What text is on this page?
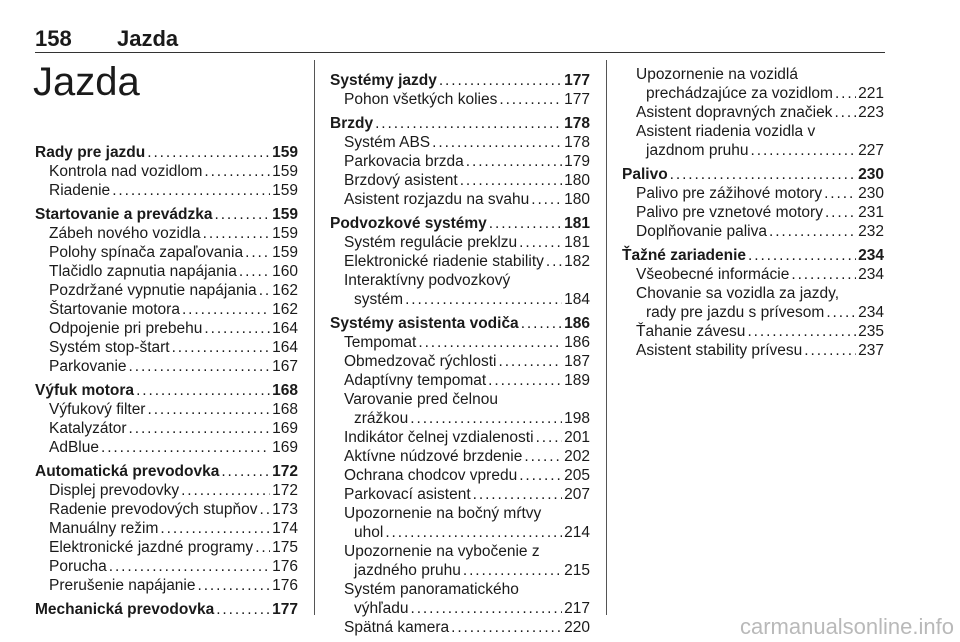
158 Jazda
Jazda
Rady pre jazdu . . .	159
Kontrola nad vozidlom . . .	159
Riadenie . . .	159
Startovanie a prevádzka . . .	159
Zábeh nového vozidla . . .	159
Polohy spínača zapaľovania . . . 159
Tlačidlo zapnutia napájania . . . 160
Pozdržané vypnutie napájania . . . 162
Štartovanie motora . . .	162
Odpojenie pri prebehu . . .	164
Systém stop-štart . . .	164
Parkovanie . . .	167
Výfuk motora . . .	168
Výfukový filter . . .	168
Katalyzátor . . .	169
AdBlue . . .	169
Automatická prevodovka . . .	172
Displej prevodovky . . .	172
Radenie prevodových stupňov . . . 173
Manuálny režim . . .	174
Elektronické jazdné programy . . . 175
Porucha . . .	176
Prerušenie napájanie . . .	176
Mechanická prevodovka . . .	177
Systémy jazdy . . .	177
Pohon všetkých kolies . . .	177
Brzdy . . .	178
Systém ABS . . .	178
Parkovacia brzda . . .	179
Brzdový asistent . . .	180
Asistent rozjazdu na svahu . . . 180
Podvozkové systémy . . .	181
Systém regulácie preklzu . . .	181
Elektronické riadenie stability . . . 182
Interaktívny podvozkový
systém . . .	184
Systémy asistenta vodiča . . .	186
Tempomat . . .	186
Obmedzovač rýchlosti . . .	187
Adaptívny tempomat . . .	189
Varovanie pred čelnou
zrážkou . . .	198
Indikátor čelnej vzdialenosti . . . 201
Aktívne núdzové brzdenie . . .	202
Ochrana chodcov vpredu . . .	205
Parkovací asistent . . .	207
Upozornenie na bočný mŕtvy
uhol . . .	214
Upozornenie na vybočenie z
jazdného pruhu . . .	215
Systém panoramatického
výhľadu . . .	217
Spätná kamera . . .	220
Upozornenie na vozidlá
prechádzajúce za vozidlom . . . 221
Asistent dopravných značiek . . . 223
Asistent riadenia vozidla v
jazdnom pruhu . . .	227
Palivo . . .	230
Palivo pre zážihové motory . . . 230
Palivo pre vznetové motory . . . 231
Doplňovanie paliva . . .	232
Ťažné zariadenie . . .	234
Všeobecné informácie . . .	234
Chovanie sa vozidla za jazdy,
rady pre jazdu s prívesom . . . 234
Ťahanie závesu . . .	235
Asistent stability prívesu . . .	237
carmanualsonline.info
